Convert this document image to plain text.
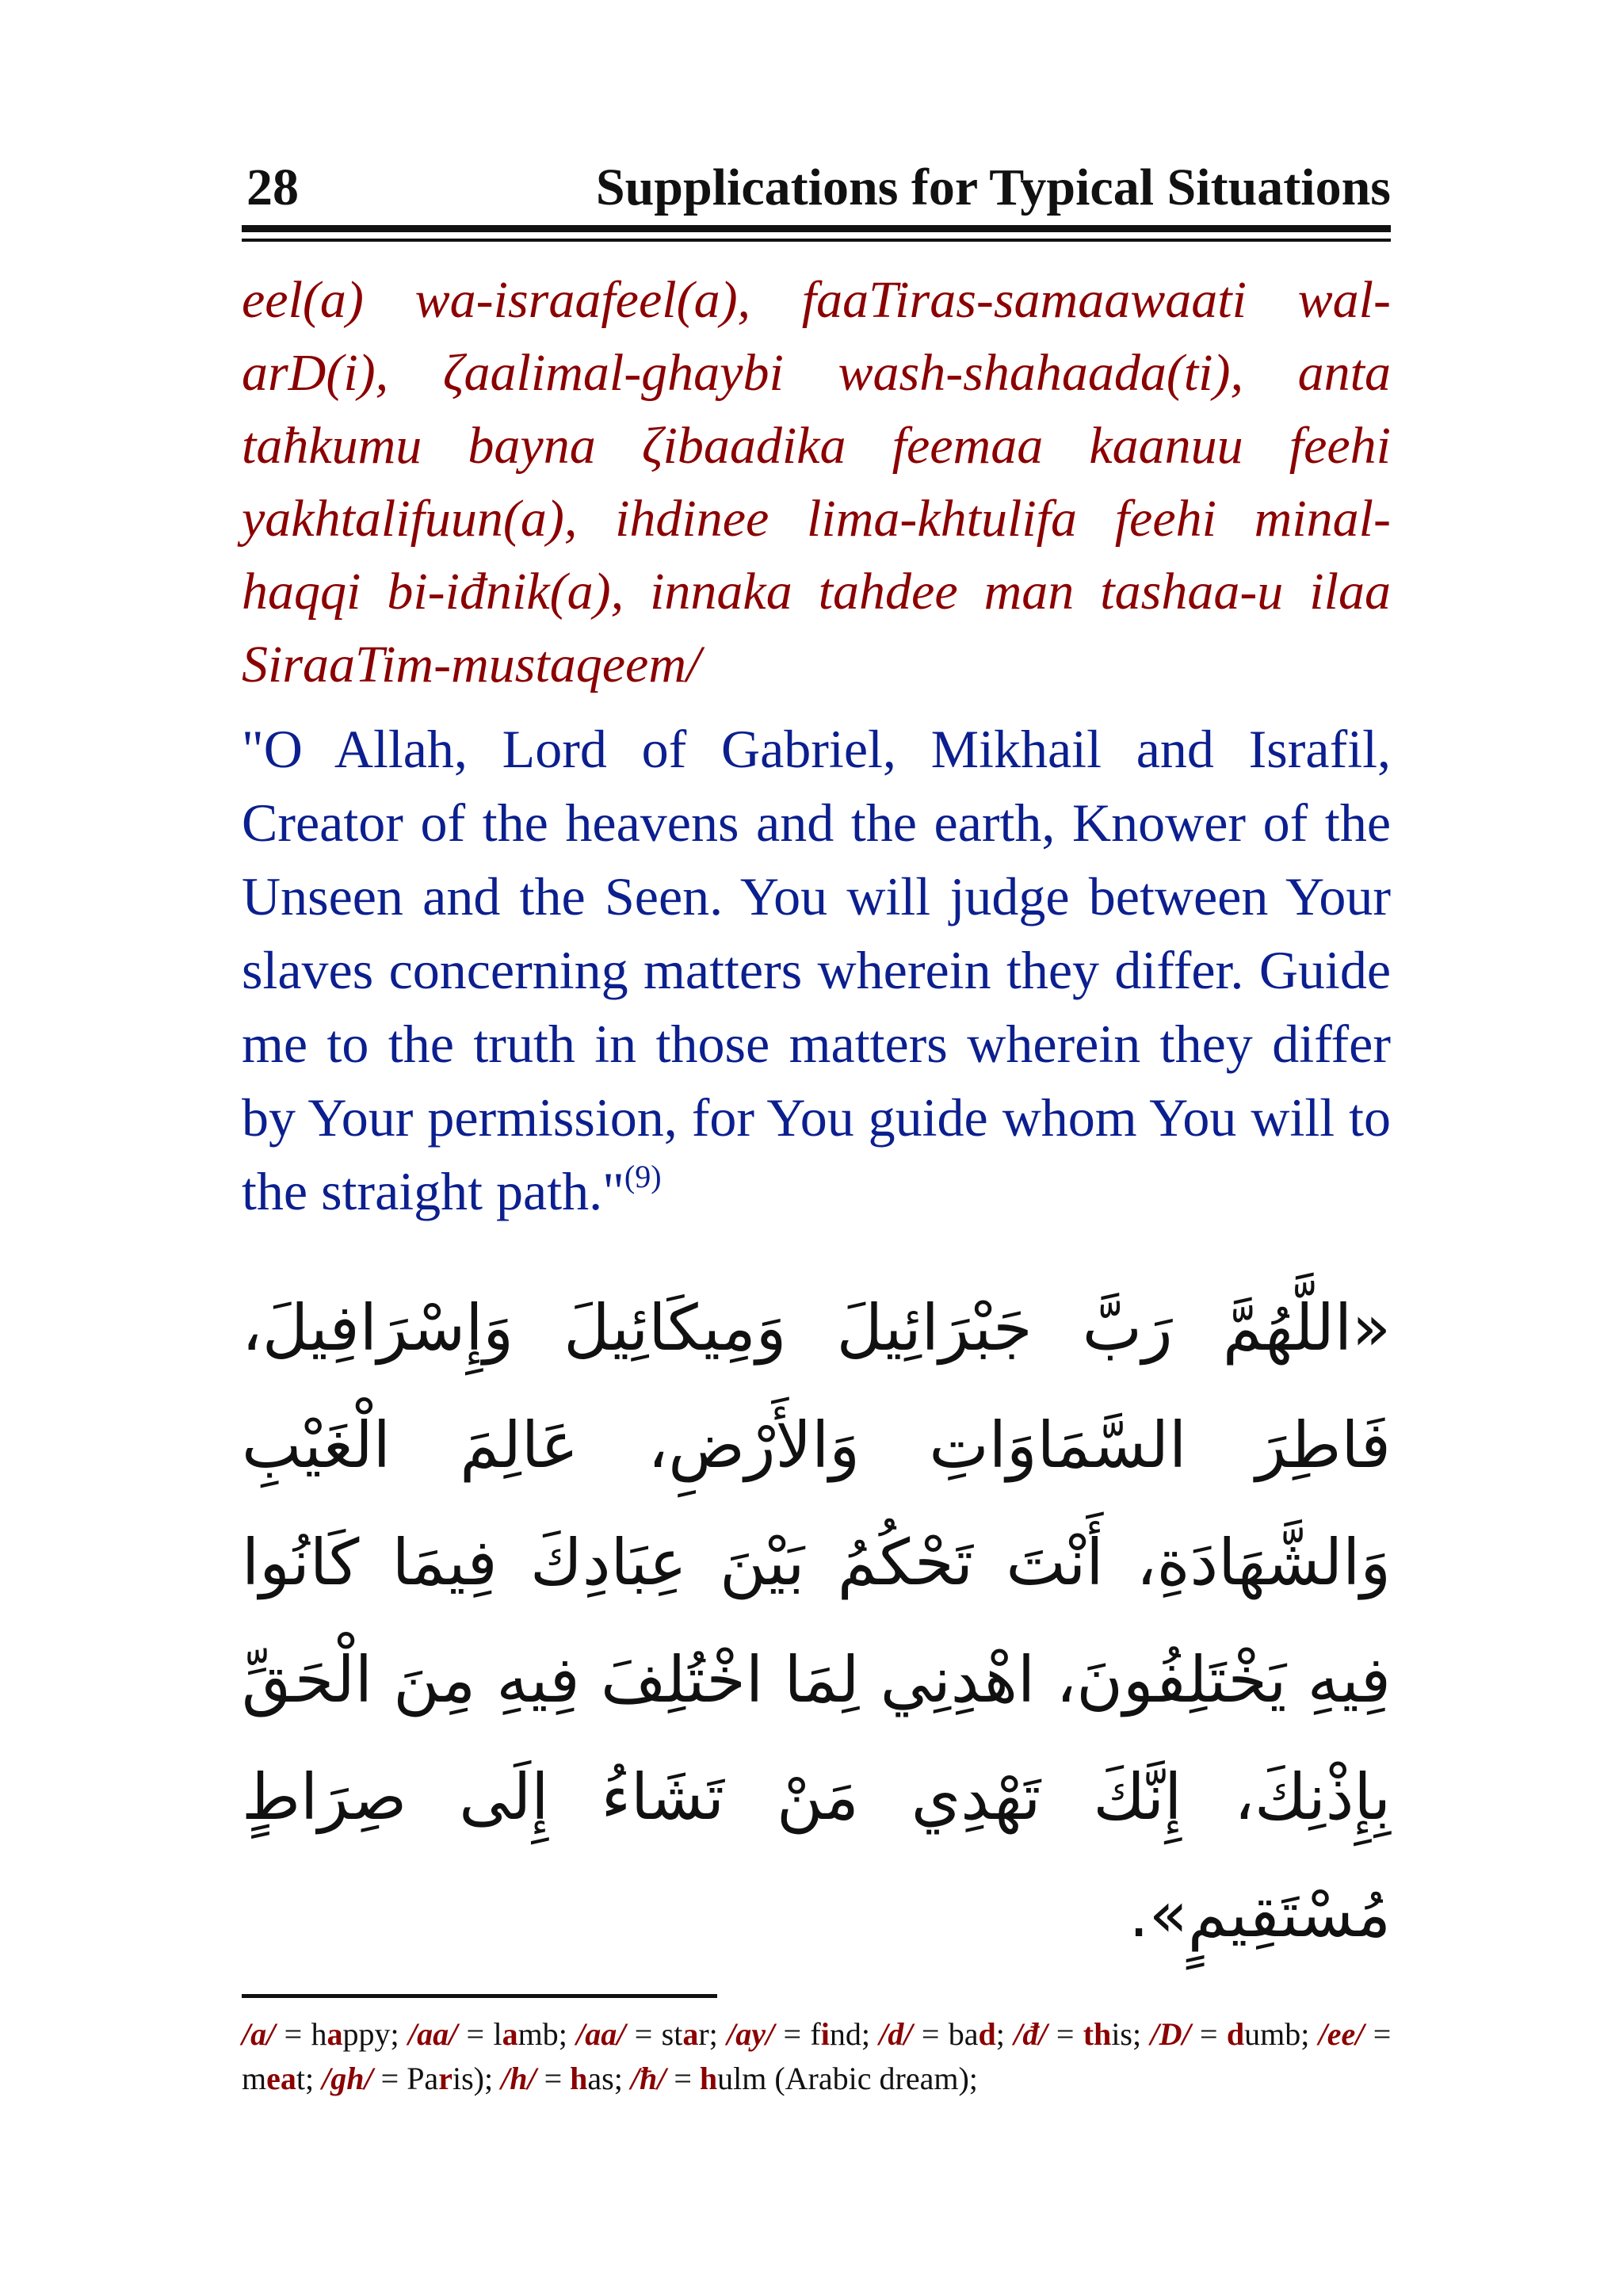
28	Supplications for Typical Situations
eel(a) wa-israafeel(a), faaTiras-samaawaati wal-arD(i), ζaalimal-ghaybi wash-shahaada(ti), anta taħkumu bayna ζibaadika feemaa kaanuu feehi yakhtalifuun(a), ihdinee lima-khtulifa feehi minal-haqqi bi-iđnik(a), innaka tahdee man tashaa-u ilaa SiraaTim-mustaqeem/
"O Allah, Lord of Gabriel, Mikhail and Israfil, Creator of the heavens and the earth, Knower of the Unseen and the Seen. You will judge between Your slaves concerning matters wherein they differ. Guide me to the truth in those matters wherein they differ by Your permission, for You guide whom You will to the straight path."$^{(9)}$
«اللَّهُمَّ رَبَّ جَبْرَائِيلَ وَمِيكَائِيلَ وَإِسْرَافِيلَ، فَاطِرَ السَّمَاوَاتِ وَالأَرْضِ، عَالِمَ الْغَيْبِ وَالشَّهَادَةِ، أَنْتَ تَحْكُمُ بَيْنَ عِبَادِكَ فِيمَا كَانُوا فِيهِ يَخْتَلِفُونَ، اهْدِنِي لِمَا اخْتُلِفَ فِيهِ مِنَ الْحَقِّ بِإِذْنِكَ، إِنَّكَ تَهْدِي مَنْ تَشَاءُ إِلَى صِرَاطٍ مُسْتَقِيمٍ».
/a/ = happy; /aa/ = lamb; /aa/ = star; /ay/ = find; /d/ = bad; /đ/ = this; /D/ = dumb; /ee/ = meat; /gh/ = Paris); /h/ = has; /ħ/ = hulm (Arabic dream);
